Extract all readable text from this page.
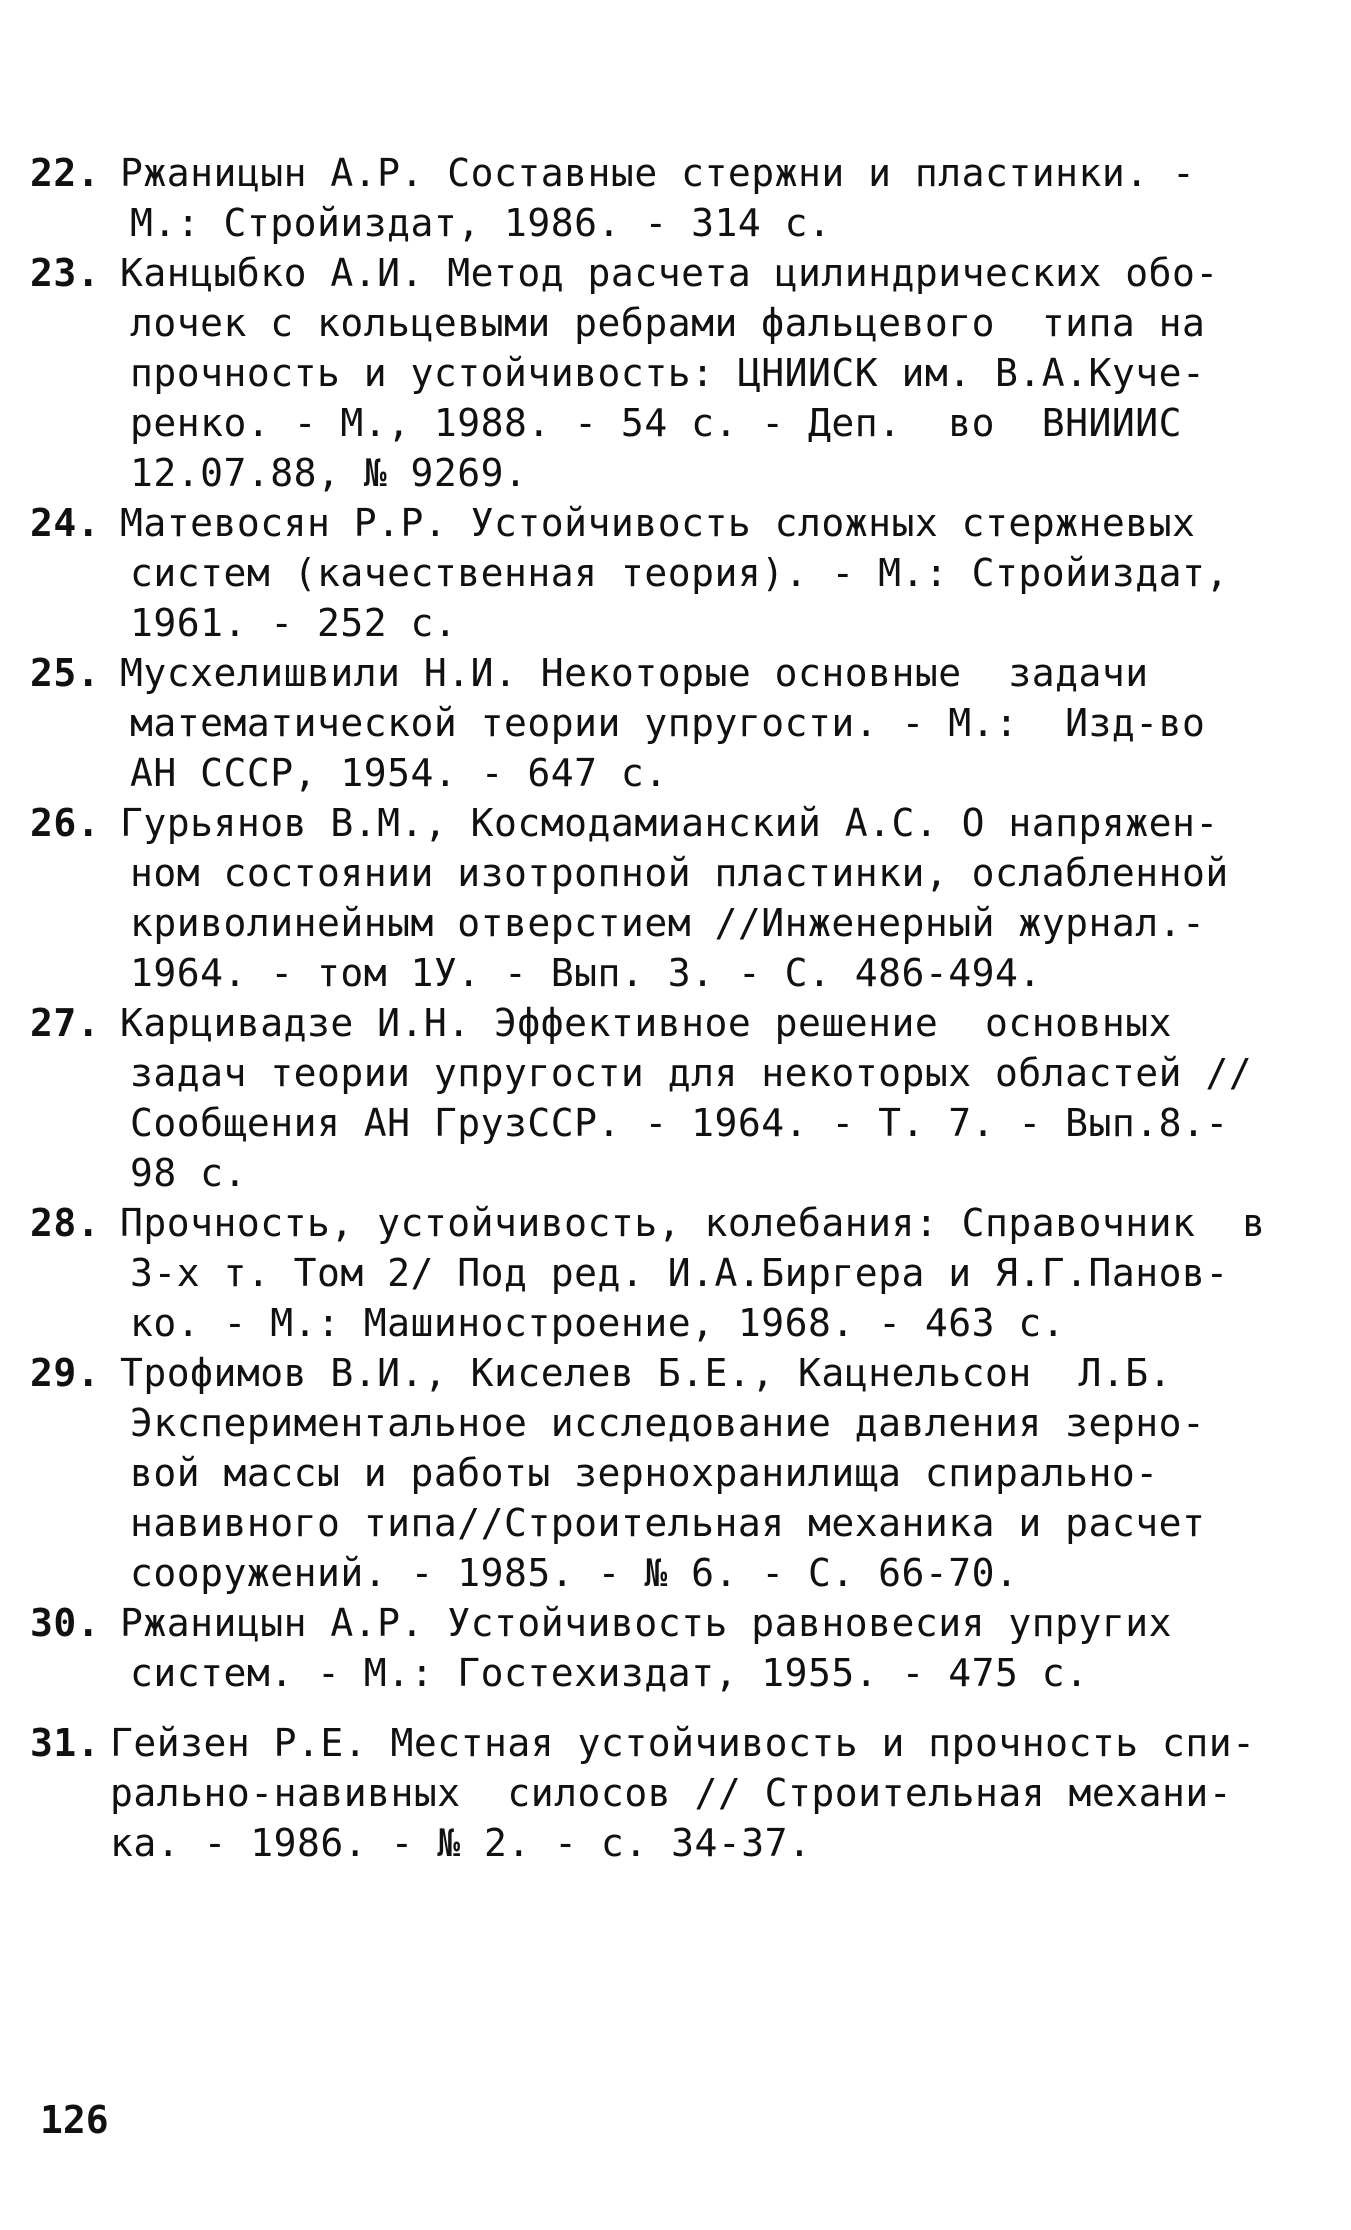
22. Ржаницын А.Р. Составные стержни и пластинки. -
М.: Стройиздат, 1986. - 314 с.
23. Канцыбко А.И. Метод расчета цилиндрических обо-
лочек с кольцевыми ребрами фальцевого  типа на
прочность и устойчивость: ЦНИИСК им. В.А.Куче-
ренко. - М., 1988. - 54 с. - Деп.  во  ВНИИИС
12.07.88, № 9269.
24. Матевосян Р.Р. Устойчивость сложных стержневых
систем (качественная теория). - М.: Стройиздат,
1961. - 252 с.
25. Мусхелишвили Н.И. Некоторые основные  задачи
математической теории упругости. - М.:  Изд-во
АН СССР, 1954. - 647 с.
26. Гурьянов В.М., Космодамианский А.С. О напряжен-
ном состоянии изотропной пластинки, ослабленной
криволинейным отверстием //Инженерный журнал.-
1964. - том 1У. - Вып. 3. - С. 486-494.
27. Карцивадзе И.Н. Эффективное решение  основных
задач теории упругости для некоторых областей //
Сообщения АН ГрузССР. - 1964. - Т. 7. - Вып.8.-
98 с.
28. Прочность, устойчивость, колебания: Справочник  в
3-х т. Том 2/ Под ред. И.А.Биргера и Я.Г.Панов-
ко. - М.: Машиностроение, 1968. - 463 с.
29. Трофимов В.И., Киселев Б.Е., Кацнельсон  Л.Б.
Экспериментальное исследование давления зерно-
вой массы и работы зернохранилища спирально-
навивного типа//Строительная механика и расчет
сооружений. - 1985. - № 6. - С. 66-70.
30. Ржаницын А.Р. Устойчивость равновесия упругих
систем. - М.: Гостехиздат, 1955. - 475 с.
31. Гейзен Р.Е. Местная устойчивость и прочность спи-
рально-навивных  силосов // Строительная механи-
ка. - 1986. - № 2. - с. 34-37.
126
